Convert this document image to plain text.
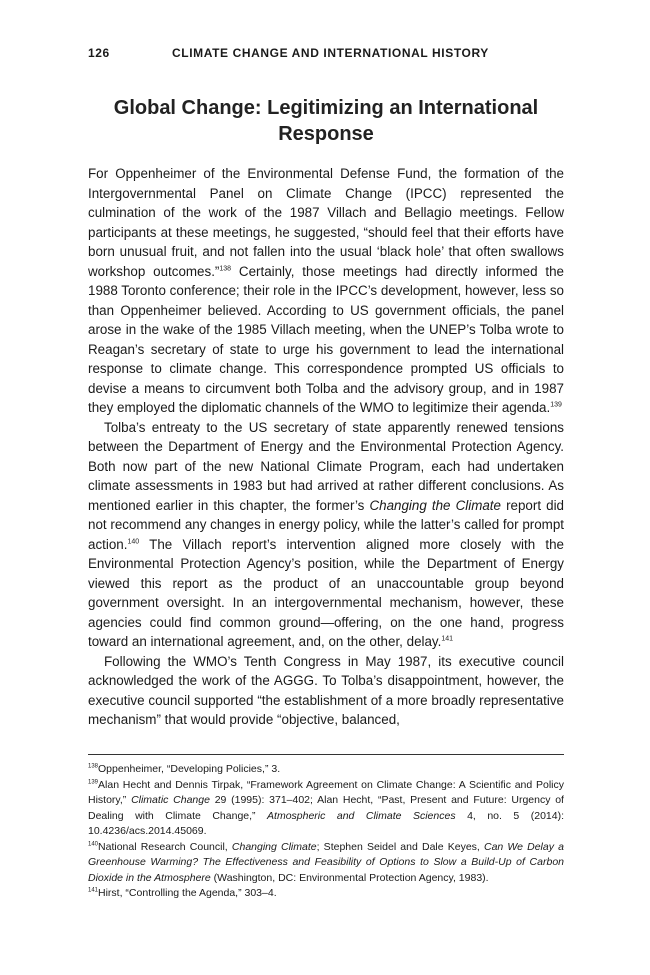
126	CLIMATE CHANGE AND INTERNATIONAL HISTORY
Global Change: Legitimizing an International
Response

For Oppenheimer of the Environmental Defense Fund, the formation of the Intergovernmental Panel on Climate Change (IPCC) represented the culmination of the work of the 1987 Villach and Bellagio meetings. Fellow participants at these meetings, he suggested, “should feel that their efforts have born unusual fruit, and not fallen into the usual ‘black hole’ that often swallows workshop outcomes.”$^{138}$ Certainly, those meetings had directly informed the 1988 Toronto conference; their role in the IPCC’s development, however, less so than Oppenheimer believed. According to US government officials, the panel arose in the wake of the 1985 Villach meeting, when the UNEP’s Tolba wrote to Reagan’s secretary of state to urge his government to lead the international response to climate change. This correspondence prompted US officials to devise a means to circumvent both Tolba and the advisory group, and in 1987 they employed the diplomatic channels of the WMO to legitimize their agenda.$^{139}$

Tolba’s entreaty to the US secretary of state apparently renewed tensions between the Department of Energy and the Environmental Protection Agency. Both now part of the new National Climate Program, each had undertaken climate assessments in 1983 but had arrived at rather different conclusions. As mentioned earlier in this chapter, the former’s Changing the Climate report did not recommend any changes in energy policy, while the latter’s called for prompt action.$^{140}$ The Villach report’s intervention aligned more closely with the Environmental Protection Agency’s position, while the Department of Energy viewed this report as the product of an unaccountable group beyond government oversight. In an intergovernmental mechanism, however, these agencies could find common ground—offering, on the one hand, progress toward an international agreement, and, on the other, delay.$^{141}$

Following the WMO’s Tenth Congress in May 1987, its executive council acknowledged the work of the AGGG. To Tolba’s disappointment, however, the executive council supported “the establishment of a more broadly representative mechanism” that would provide “objective, balanced,

$^{138}$Oppenheimer, “Developing Policies,” 3.

$^{139}$Alan Hecht and Dennis Tirpak, “Framework Agreement on Climate Change: A Scientific and Policy History,” Climatic Change 29 (1995): 371–402; Alan Hecht, “Past, Present and Future: Urgency of Dealing with Climate Change,” Atmospheric and Climate Sciences 4, no. 5 (2014): 10.4236/acs.2014.45069.

$^{140}$National Research Council, Changing Climate; Stephen Seidel and Dale Keyes, Can We Delay a Greenhouse Warming? The Effectiveness and Feasibility of Options to Slow a Build-Up of Carbon Dioxide in the Atmosphere (Washington, DC: Environmental Protection Agency, 1983).

$^{141}$Hirst, “Controlling the Agenda,” 303–4.
